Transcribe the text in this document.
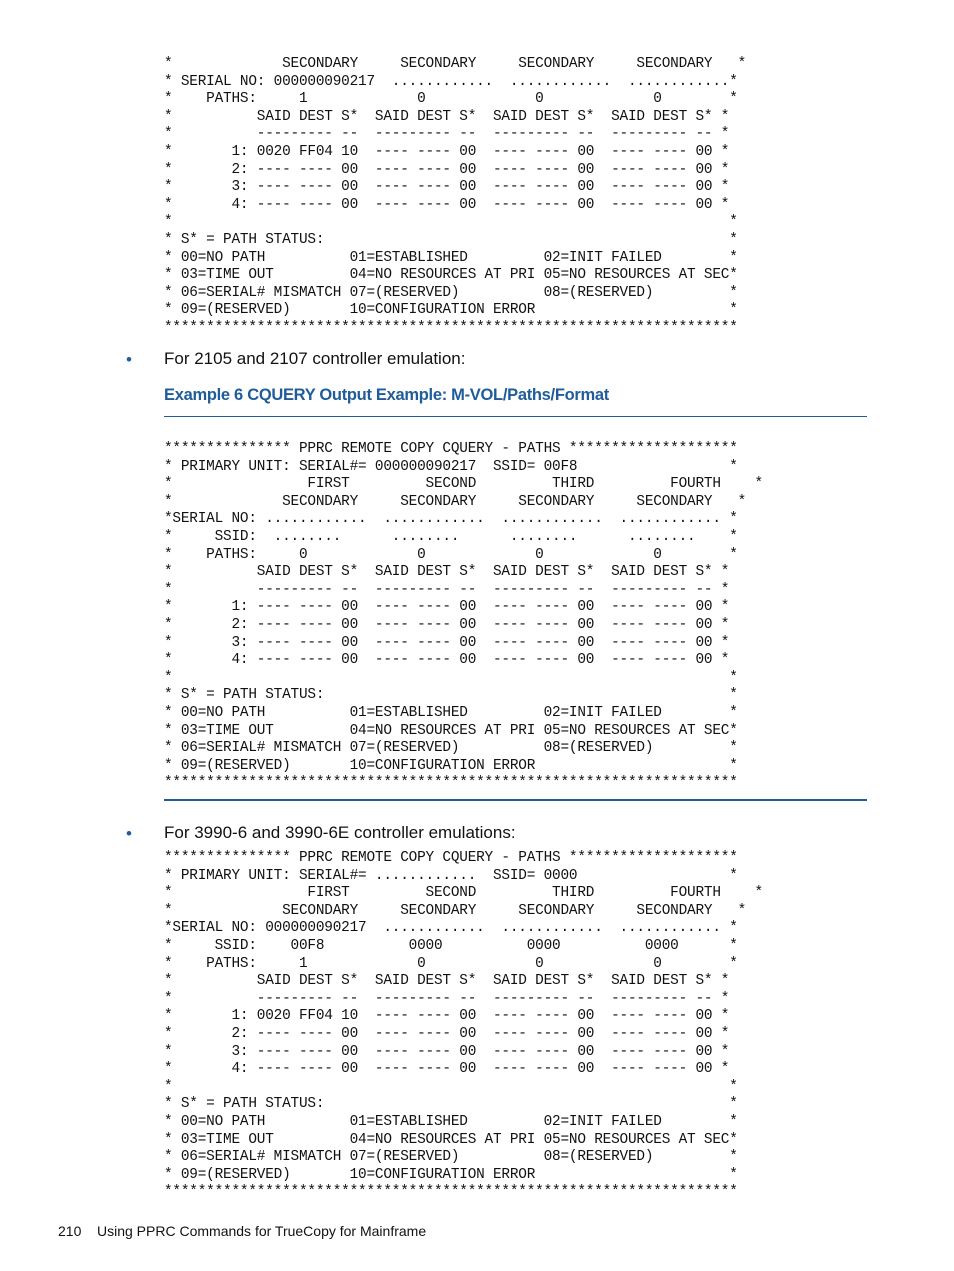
*             SECONDARY     SECONDARY     SECONDARY     SECONDARY   *
* SERIAL NO: 000000090217  ............  ............  ............*
*    PATHS:     1             0             0             0        *
*          SAID DEST S*  SAID DEST S*  SAID DEST S*  SAID DEST S* *
*          --------- --  --------- --  --------- --  --------- -- *
*       1: 0020 FF04 10  ---- ---- 00  ---- ---- 00  ---- ---- 00 *
*       2: ---- ---- 00  ---- ---- 00  ---- ---- 00  ---- ---- 00 *
*       3: ---- ---- 00  ---- ---- 00  ---- ---- 00  ---- ---- 00 *
*       4: ---- ---- 00  ---- ---- 00  ---- ---- 00  ---- ---- 00 *
*                                                                  *
* S* = PATH STATUS:                                                *
* 00=NO PATH          01=ESTABLISHED         02=INIT FAILED        *
* 03=TIME OUT         04=NO RESOURCES AT PRI 05=NO RESOURCES AT SEC*
* 06=SERIAL# MISMATCH 07=(RESERVED)          08=(RESERVED)         *
* 09=(RESERVED)       10=CONFIGURATION ERROR                       *
********************************************************************
• For 2105 and 2107 controller emulation:
Example 6 CQUERY Output Example: M-VOL/Paths/Format
*************** PPRC REMOTE COPY CQUERY - PATHS ********************
* PRIMARY UNIT: SERIAL#= 000000090217  SSID= 00F8                  *
*                FIRST         SECOND         THIRD         FOURTH    *
*             SECONDARY     SECONDARY     SECONDARY     SECONDARY   *
*SERIAL NO: ............  ............  ............  ............ *
*     SSID:  ........      ........      ........      ........    *
*    PATHS:     0             0             0             0        *
*          SAID DEST S*  SAID DEST S*  SAID DEST S*  SAID DEST S* *
*          --------- --  --------- --  --------- --  --------- -- *
*       1: ---- ---- 00  ---- ---- 00  ---- ---- 00  ---- ---- 00 *
*       2: ---- ---- 00  ---- ---- 00  ---- ---- 00  ---- ---- 00 *
*       3: ---- ---- 00  ---- ---- 00  ---- ---- 00  ---- ---- 00 *
*       4: ---- ---- 00  ---- ---- 00  ---- ---- 00  ---- ---- 00 *
*                                                                  *
* S* = PATH STATUS:                                                *
* 00=NO PATH          01=ESTABLISHED         02=INIT FAILED        *
* 03=TIME OUT         04=NO RESOURCES AT PRI 05=NO RESOURCES AT SEC*
* 06=SERIAL# MISMATCH 07=(RESERVED)          08=(RESERVED)         *
* 09=(RESERVED)       10=CONFIGURATION ERROR                       *
********************************************************************
• For 3990-6 and 3990-6E controller emulations:
*************** PPRC REMOTE COPY CQUERY - PATHS ********************
* PRIMARY UNIT: SERIAL#= ............  SSID= 0000                  *
*                FIRST         SECOND         THIRD         FOURTH    *
*             SECONDARY     SECONDARY     SECONDARY     SECONDARY   *
*SERIAL NO: 000000090217  ............  ............  ............ *
*     SSID:    00F8          0000          0000          0000      *
*    PATHS:     1             0             0             0        *
*          SAID DEST S*  SAID DEST S*  SAID DEST S*  SAID DEST S* *
*          --------- --  --------- --  --------- --  --------- -- *
*       1: 0020 FF04 10  ---- ---- 00  ---- ---- 00  ---- ---- 00 *
*       2: ---- ---- 00  ---- ---- 00  ---- ---- 00  ---- ---- 00 *
*       3: ---- ---- 00  ---- ---- 00  ---- ---- 00  ---- ---- 00 *
*       4: ---- ---- 00  ---- ---- 00  ---- ---- 00  ---- ---- 00 *
*                                                                  *
* S* = PATH STATUS:                                                *
* 00=NO PATH          01=ESTABLISHED         02=INIT FAILED        *
* 03=TIME OUT         04=NO RESOURCES AT PRI 05=NO RESOURCES AT SEC*
* 06=SERIAL# MISMATCH 07=(RESERVED)          08=(RESERVED)         *
* 09=(RESERVED)       10=CONFIGURATION ERROR                       *
********************************************************************
210 Using PPRC Commands for TrueCopy for Mainframe
